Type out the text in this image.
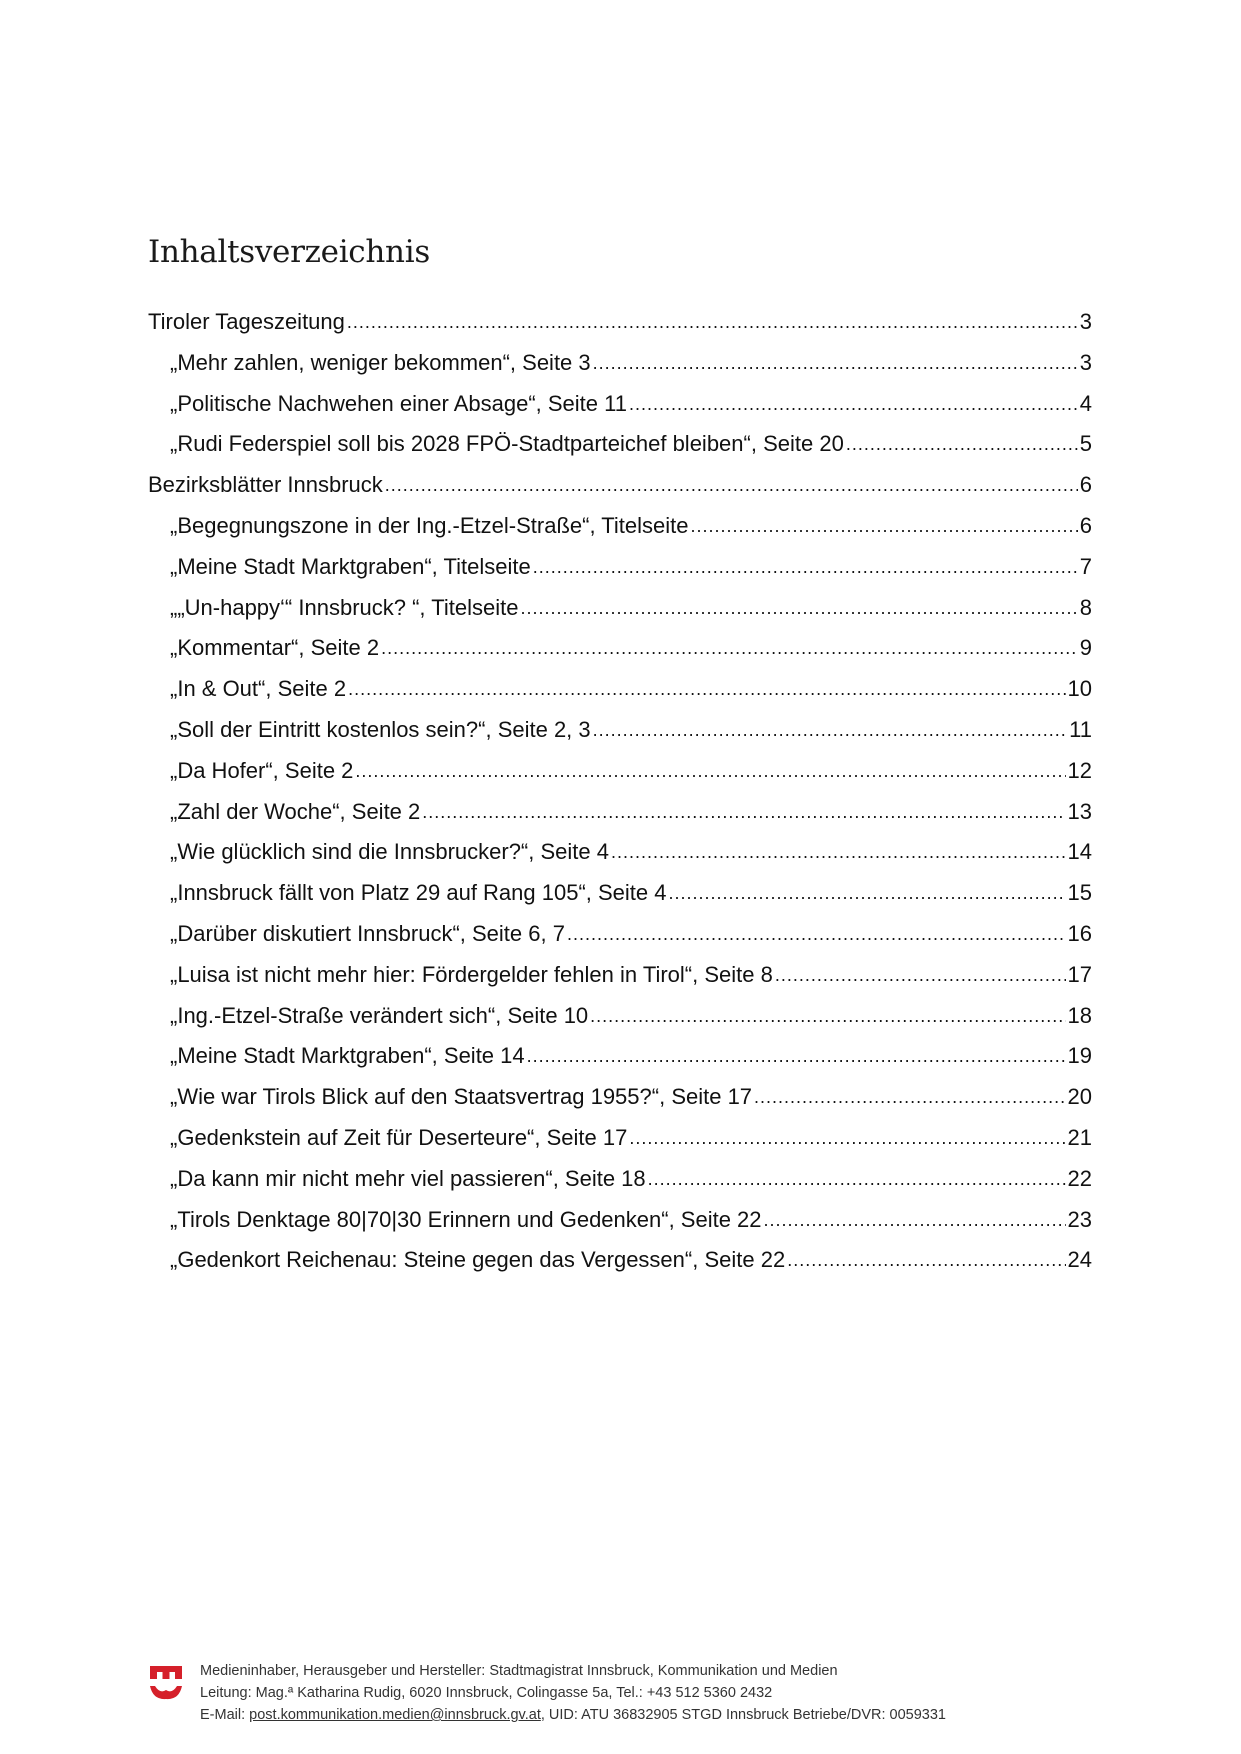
Inhaltsverzeichnis
Tiroler Tageszeitung .....	3
„Mehr zahlen, weniger bekommen“, Seite 3 .....	3
„Politische Nachwehen einer Absage“, Seite 11 .....	4
„Rudi Federspiel soll bis 2028 FPÖ-Stadtparteichef bleiben“, Seite 20 .....	5
Bezirksblätter Innsbruck .....	6
„Begegnungszone in der Ing.-Etzel-Straße“, Titelseite .....	6
„Meine Stadt Marktgraben“, Titelseite .....	7
„„Un-happy‘“ Innsbruck? “, Titelseite .....	8
„Kommentar“, Seite 2 .....	9
„In & Out“, Seite 2 .....	10
„Soll der Eintritt kostenlos sein?“, Seite 2, 3 .....	11
„Da Hofer“, Seite 2 .....	12
„Zahl der Woche“, Seite 2 .....	13
„Wie glücklich sind die Innsbrucker?“, Seite 4 .....	14
„Innsbruck fällt von Platz 29 auf Rang 105“, Seite 4 .....	15
„Darüber diskutiert Innsbruck“, Seite 6, 7 .....	16
„Luisa ist nicht mehr hier: Fördergelder fehlen in Tirol“, Seite 8 .....	17
„Ing.-Etzel-Straße verändert sich“, Seite 10 .....	18
„Meine Stadt Marktgraben“, Seite 14 .....	19
„Wie war Tirols Blick auf den Staatsvertrag 1955?“, Seite 17 .....	20
„Gedenkstein auf Zeit für Deserteure“, Seite 17 .....	21
„Da kann mir nicht mehr viel passieren“, Seite 18 .....	22
„Tirols Denktage 80|70|30 Erinnern und Gedenken“, Seite 22 .....	23
„Gedenkort Reichenau: Steine gegen das Vergessen“, Seite 22 .....	24
Medieninhaber, Herausgeber und Hersteller: Stadtmagistrat Innsbruck, Kommunikation und Medien
Leitung: Mag.ª Katharina Rudig, 6020 Innsbruck, Colingasse 5a, Tel.: +43 512 5360 2432
E-Mail: post.kommunikation.medien@innsbruck.gv.at, UID: ATU 36832905 STGD Innsbruck Betriebe/DVR: 0059331
